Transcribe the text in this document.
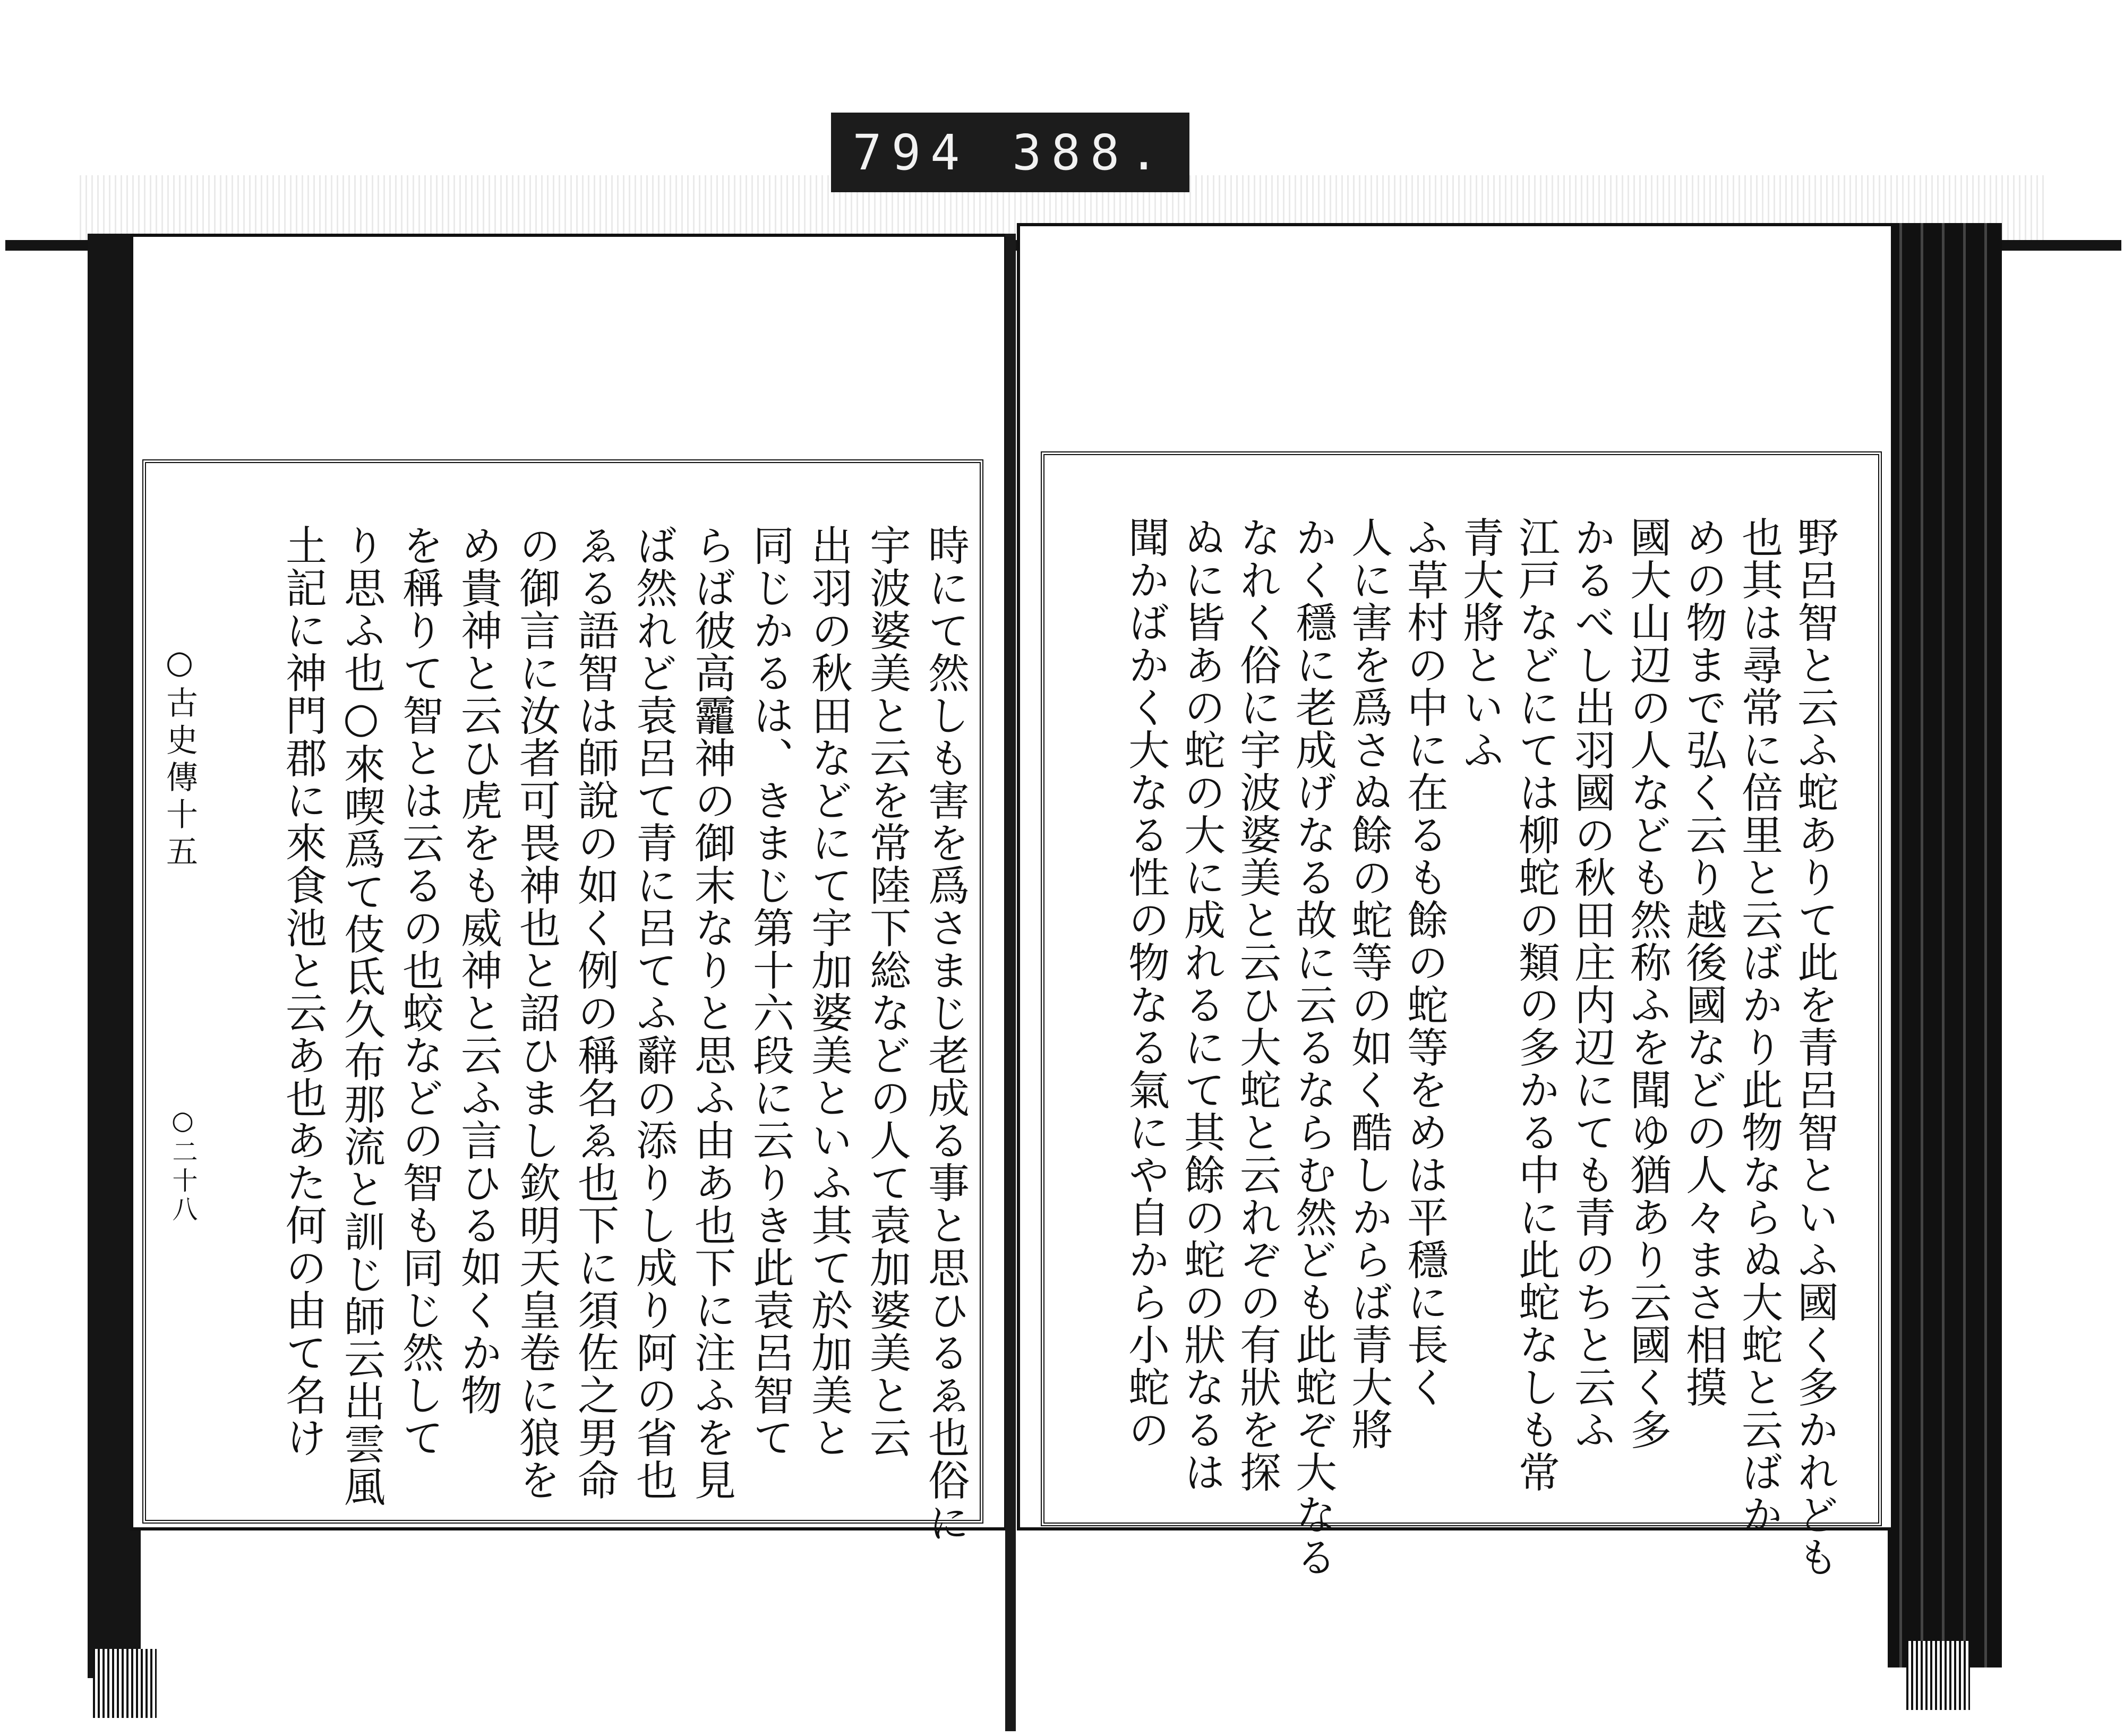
794 388.
○古史傳十五
○二十八	時にて然しも害を爲さまじ老成る事と思ひるゑ也俗に
宇波婆美と云を常陸下総などの人て袁加婆美と云
出羽の秋田などにて宇加婆美といふ其て於加美と
同じかるは、きまじ第十六段に云りき此袁呂智て
らば彼高龗神の御末なりと思ふ由あ也下に注ふを見
ば然れど袁呂て青に呂てふ辭の添りし成り阿の省也
ゑる語智は師說の如く例の稱名ゑ也下に須佐之男命
の御言に汝者可畏神也と詔ひまし欽明天皇卷に狼を
め貴神と云ひ虎をも威神と云ふ言ひる如くか物
を稱りて智とは云るの也蛟などの智も同じ然して
り思ふ也○來喫爲て伎氐久布那流と訓じ師云出雲風
土記に神門郡に來食池と云あ也あた何の由て名け	野呂智と云ふ蛇ありて此を青呂智といふ國く多かれども
也其は尋常に倍里と云ばかり此物ならぬ大蛇と云ばか
めの物まで弘く云り越後國などの人々まさ相摸
國大山辺の人なども然称ふを聞ゆ猶あり云國く多
かるべし出羽國の秋田庄内辺にても青のちと云ふ
江戸などにては柳蛇の類の多かる中に此蛇なしも常
青大將といふ
ふ草村の中に在るも餘の蛇等をめは平穩に長く
人に害を爲さぬ餘の蛇等の如く酷しからば青大將
かく穩に老成げなる故に云るならむ然ども此蛇ぞ大なる
なれく俗に宇波婆美と云ひ大蛇と云れぞの有狀を探
ぬに皆あの蛇の大に成れるにて其餘の蛇の狀なるは
聞かばかく大なる性の物なる氣にや自から小蛇の
